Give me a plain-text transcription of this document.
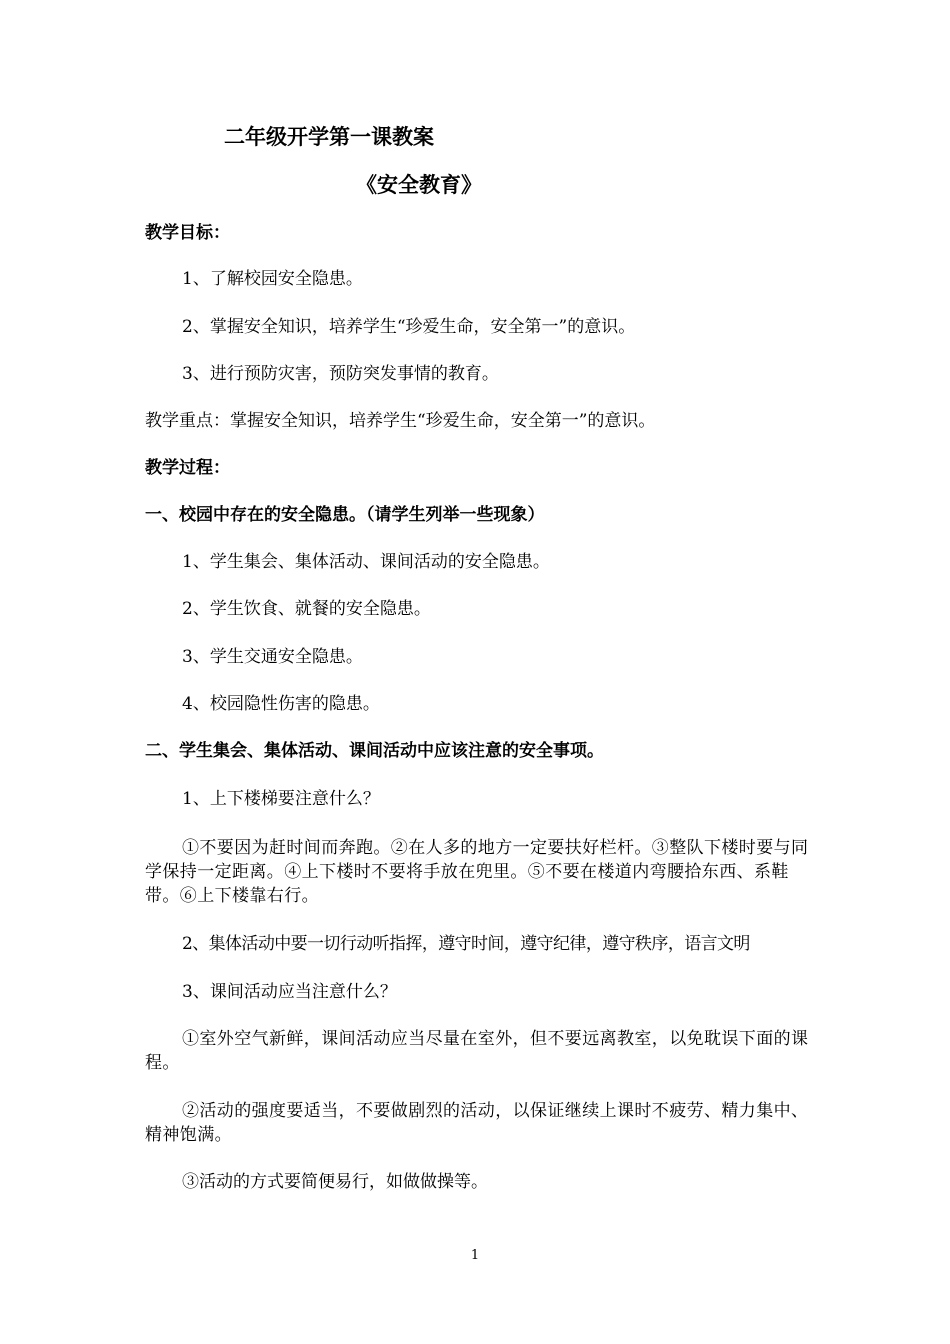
二年级开学第一课教案
《安全教育》
教学目标：
1、了解校园安全隐患。
2、掌握安全知识，培养学生“珍爱生命，安全第一”的意识。
3、进行预防灾害，预防突发事情的教育。
教学重点：掌握安全知识，培养学生“珍爱生命，安全第一”的意识。
教学过程：
一、校园中存在的安全隐患。（请学生列举一些现象）
1、学生集会、集体活动、课间活动的安全隐患。
2、学生饮食、就餐的安全隐患。
3、学生交通安全隐患。
4、校园隐性伤害的隐患。
二、学生集会、集体活动、课间活动中应该注意的安全事项。
1、上下楼梯要注意什么？
①不要因为赶时间而奔跑。②在人多的地方一定要扶好栏杆。③整队下楼时要与同学保持一定距离。④上下楼时不要将手放在兜里。⑤不要在楼道内弯腰拾东西、系鞋带。⑥上下楼靠右行。
2、集体活动中要一切行动听指挥，遵守时间，遵守纪律，遵守秩序，语言文明
3、课间活动应当注意什么？
①室外空气新鲜，课间活动应当尽量在室外，但不要远离教室，以免耽误下面的课程。
②活动的强度要适当，不要做剧烈的活动，以保证继续上课时不疲劳、精力集中、精神饱满。
③活动的方式要简便易行，如做做操等。
1
